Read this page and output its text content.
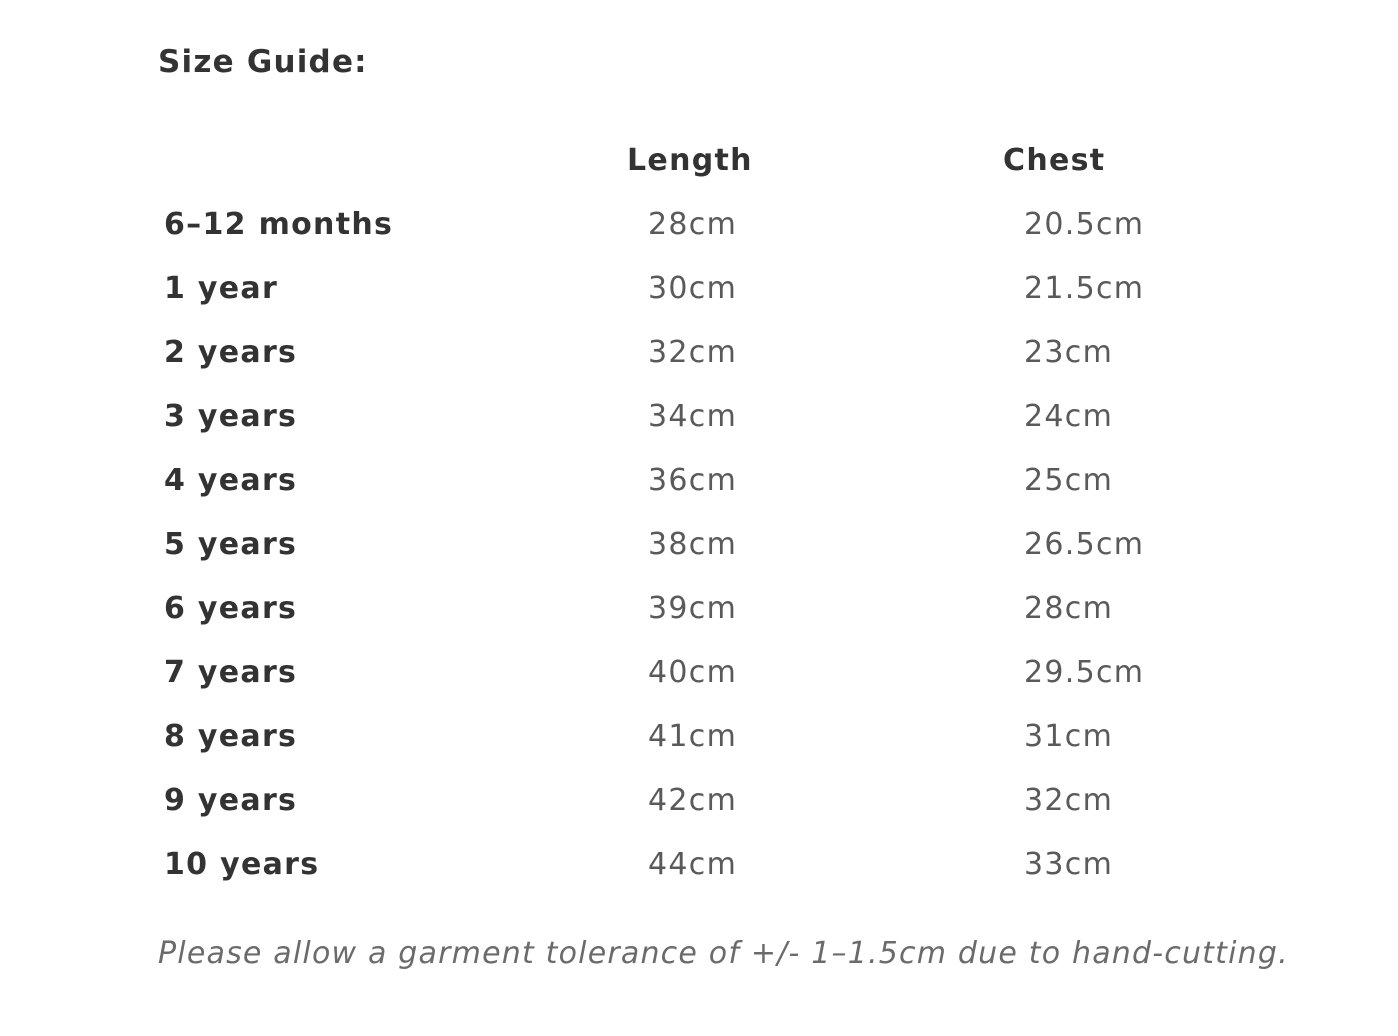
Size Guide:
	Length	Chest
6–12 months	28cm	20.5cm
1 year	30cm	21.5cm
2 years	32cm	23cm
3 years	34cm	24cm
4 years	36cm	25cm
5 years	38cm	26.5cm
6 years	39cm	28cm
7 years	40cm	29.5cm
8 years	41cm	31cm
9 years	42cm	32cm
10 years	44cm	33cm

Please allow a garment tolerance of +/- 1–1.5cm due to hand-cutting.
